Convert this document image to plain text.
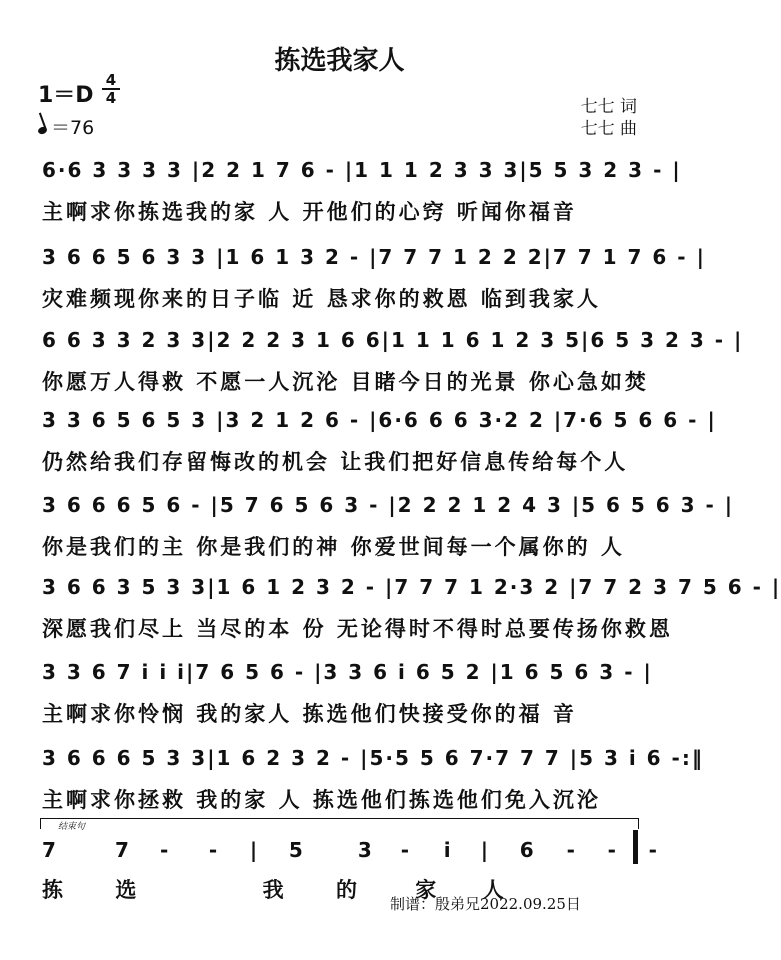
拣选我家人
1＝D
4
4
＝76
七七 词
七七 曲
6·6 3 3 3 3 |2 2 1 7 6 - |1 1 1 2 3 3 3|5 5 3 2 3 - |
主啊求你拣选我的家 人 开他们的心窍 听闻你福音
3 6 6 5 6 3 3 |1 6 1 3 2 - |7 7 7 1 2 2 2|7 7 1 7 6 - |
灾难频现你来的日子临 近 恳求你的救恩 临到我家人
6 6 3 3 2 3 3|2 2 2 3 1 6 6|1 1 1 6 1 2 3 5|6 5 3 2 3 - |
你愿万人得救 不愿一人沉沦 目睹今日的光景 你心急如焚
3 3 6 5 6 5 3 |3 2 1 2 6 - |6·6 6 6 3·2 2 |7·6 5 6 6 - |
仍然给我们存留悔改的机会 让我们把好信息传给每个人
3 6 6 6 5 6 - |5 7 6 5 6 3 - |2 2 2 1 2 4 3 |5 6 5 6 3 - |
你是我们的主 你是我们的神 你爱世间每一个属你的 人
3 6 6 3 5 3 3|1 6 1 2 3 2 - |7 7 7 1 2·3 2 |7 7 2 3 7 5 6 - |
深愿我们尽上 当尽的本 份 无论得时不得时总要传扬你救恩
3 3 6 7 i i i|7 6 5 6 - |3 3 6 i 6 5 2 |1 6 5 6 3 - |
主啊求你怜悯 我的家人 拣选他们快接受你的福 音
3 6 6 6 5 3 3|1 6 2 3 2 - |5·5 5 6 7·7 7 7 |5 3 i 6 -:‖
主啊求你拯救 我的家 人 拣选他们拣选他们免入沉沦
结束句
7	7 - - | 5	3 - i | 6 - - -
拣 选	我 的	家 人
制谱：殷弟兄2022.09.25日
